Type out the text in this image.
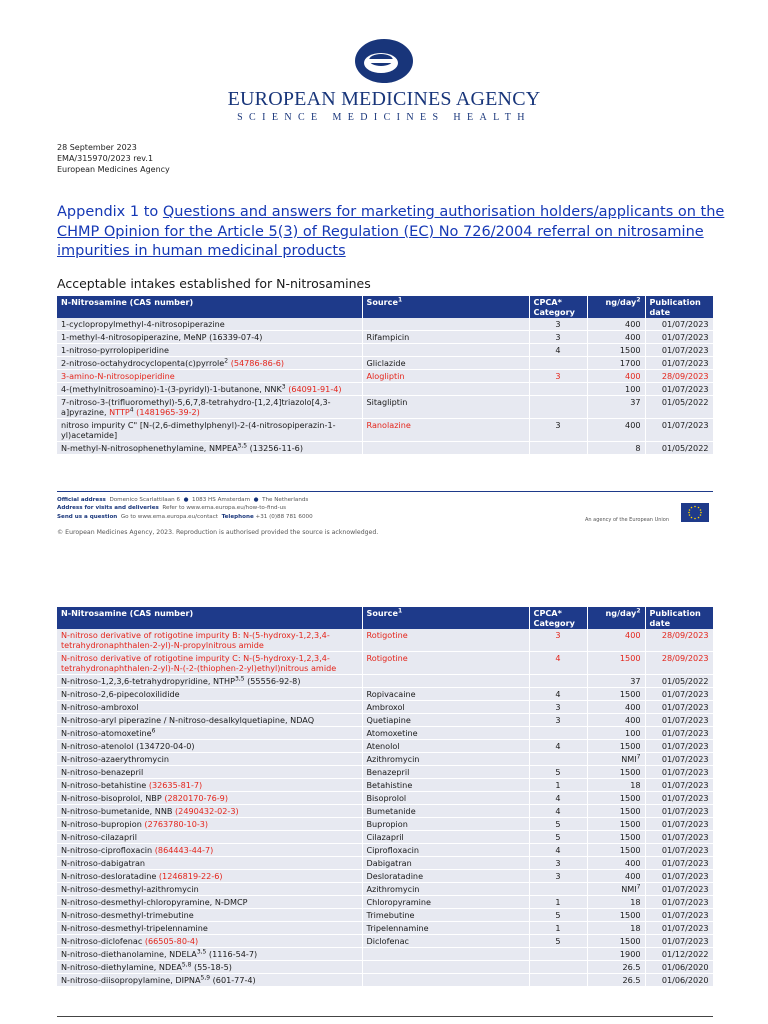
EUROPEAN MEDICINES AGENCY
SCIENCE MEDICINES HEALTH
28 September 2023
EMA/315970/2023 rev.1
European Medicines Agency
Appendix 1 to Questions and answers for marketing authorisation holders/applicants on the CHMP Opinion for the Article 5(3) of Regulation (EC) No 726/2004 referral on nitrosamine impurities in human medicinal products
Acceptable intakes established for N-nitrosamines
N-Nitrosamine (CAS number)	Source$^1$	CPCA* Category	ng/day$^2$	Publication date
1-cyclopropylmethyl-4-nitrosopiperazine		3	400	01/07/2023
1-methyl-4-nitrosopiperazine, MeNP (16339-07-4)	Rifampicin	3	400	01/07/2023
1-nitroso-pyrrolopiperidine		4	1500	01/07/2023
2-nitroso-octahydrocyclopenta(c)pyrrole$^2$ (54786-86-6)	Gliclazide		1700	01/07/2023
3-amino-N-nitrosopiperidine	Alogliptin	3	400	28/09/2023
4-(methylnitrosoamino)-1-(3-pyridyl)-1-butanone, NNK$^3$ (64091-91-4)			100	01/07/2023
7-nitroso-3-(trifluoromethyl)-5,6,7,8-tetrahydro-[1,2,4]triazolo[4,3-a]pyrazine, NTTP$^4$ (1481965-39-2)	Sitagliptin		37	01/05/2022
nitroso impurity C" [N-(2,6-dimethylphenyl)-2-(4-nitrosopiperazin-1-yl)acetamide]	Ranolazine	3	400	01/07/2023
N-methyl-N-nitrosophenethylamine, NMPEA$^{3,5}$ (13256-11-6)			8	01/05/2022
Official address Domenico Scarlattilaan 6 ● 1083 HS Amsterdam ● The Netherlands
Address for visits and deliveries Refer to www.ema.europa.eu/how-to-find-us
Send us a question Go to www.ema.europa.eu/contact Telephone +31 (0)88 781 6000
An agency of the European Union
© European Medicines Agency, 2023. Reproduction is authorised provided the source is acknowledged.
N-Nitrosamine (CAS number)	Source$^1$	CPCA* Category	ng/day$^2$	Publication date
N-nitroso derivative of rotigotine impurity B: N-(5-hydroxy-1,2,3,4-tetrahydronaphthalen-2-yl)-N-propylnitrous amide	Rotigotine	3	400	28/09/2023
N-nitroso derivative of rotigotine impurity C: N-(5-hydroxy-1,2,3,4-tetrahydronaphthalen-2-yl)-N-(-2-(thiophen-2-yl)ethyl)nitrous amide	Rotigotine	4	1500	28/09/2023
N-nitroso-1,2,3,6-tetrahydropyridine, NTHP$^{3,5}$ (55556-92-8)			37	01/05/2022
N-nitroso-2,6-pipecoloxilidide	Ropivacaine	4	1500	01/07/2023
N-nitroso-ambroxol	Ambroxol	3	400	01/07/2023
N-nitroso-aryl piperazine / N-nitroso-desalkylquetiapine, NDAQ	Quetiapine	3	400	01/07/2023
N-nitroso-atomoxetine$^6$	Atomoxetine		100	01/07/2023
N-nitroso-atenolol (134720-04-0)	Atenolol	4	1500	01/07/2023
N-nitroso-azaerythromycin	Azithromycin		NMI$^7$	01/07/2023
N-nitroso-benazepril	Benazepril	5	1500	01/07/2023
N-nitroso-betahistine (32635-81-7)	Betahistine	1	18	01/07/2023
N-nitroso-bisoprolol, NBP (2820170-76-9)	Bisoprolol	4	1500	01/07/2023
N-nitroso-bumetanide, NNB (2490432-02-3)	Bumetanide	4	1500	01/07/2023
N-nitroso-bupropion (2763780-10-3)	Bupropion	5	1500	01/07/2023
N-nitroso-cilazapril	Cilazapril	5	1500	01/07/2023
N-nitroso-ciprofloxacin (864443-44-7)	Ciprofloxacin	4	1500	01/07/2023
N-nitroso-dabigatran	Dabigatran	3	400	01/07/2023
N-nitroso-desloratadine (1246819-22-6)	Desloratadine	3	400	01/07/2023
N-nitroso-desmethyl-azithromycin	Azithromycin		NMI$^7$	01/07/2023
N-nitroso-desmethyl-chloropyramine, N-DMCP	Chloropyramine	1	18	01/07/2023
N-nitroso-desmethyl-trimebutine	Trimebutine	5	1500	01/07/2023
N-nitroso-desmethyl-tripelennamine	Tripelennamine	1	18	01/07/2023
N-nitroso-diclofenac (66505-80-4)	Diclofenac	5	1500	01/07/2023
N-nitroso-diethanolamine, NDELA$^{3,5}$ (1116-54-7)			1900	01/12/2022
N-nitroso-diethylamine, NDEA$^{5,8}$ (55-18-5)			26.5	01/06/2020
N-nitroso-diisopropylamine, DIPNA$^{5,9}$ (601-77-4)			26.5	01/06/2020
